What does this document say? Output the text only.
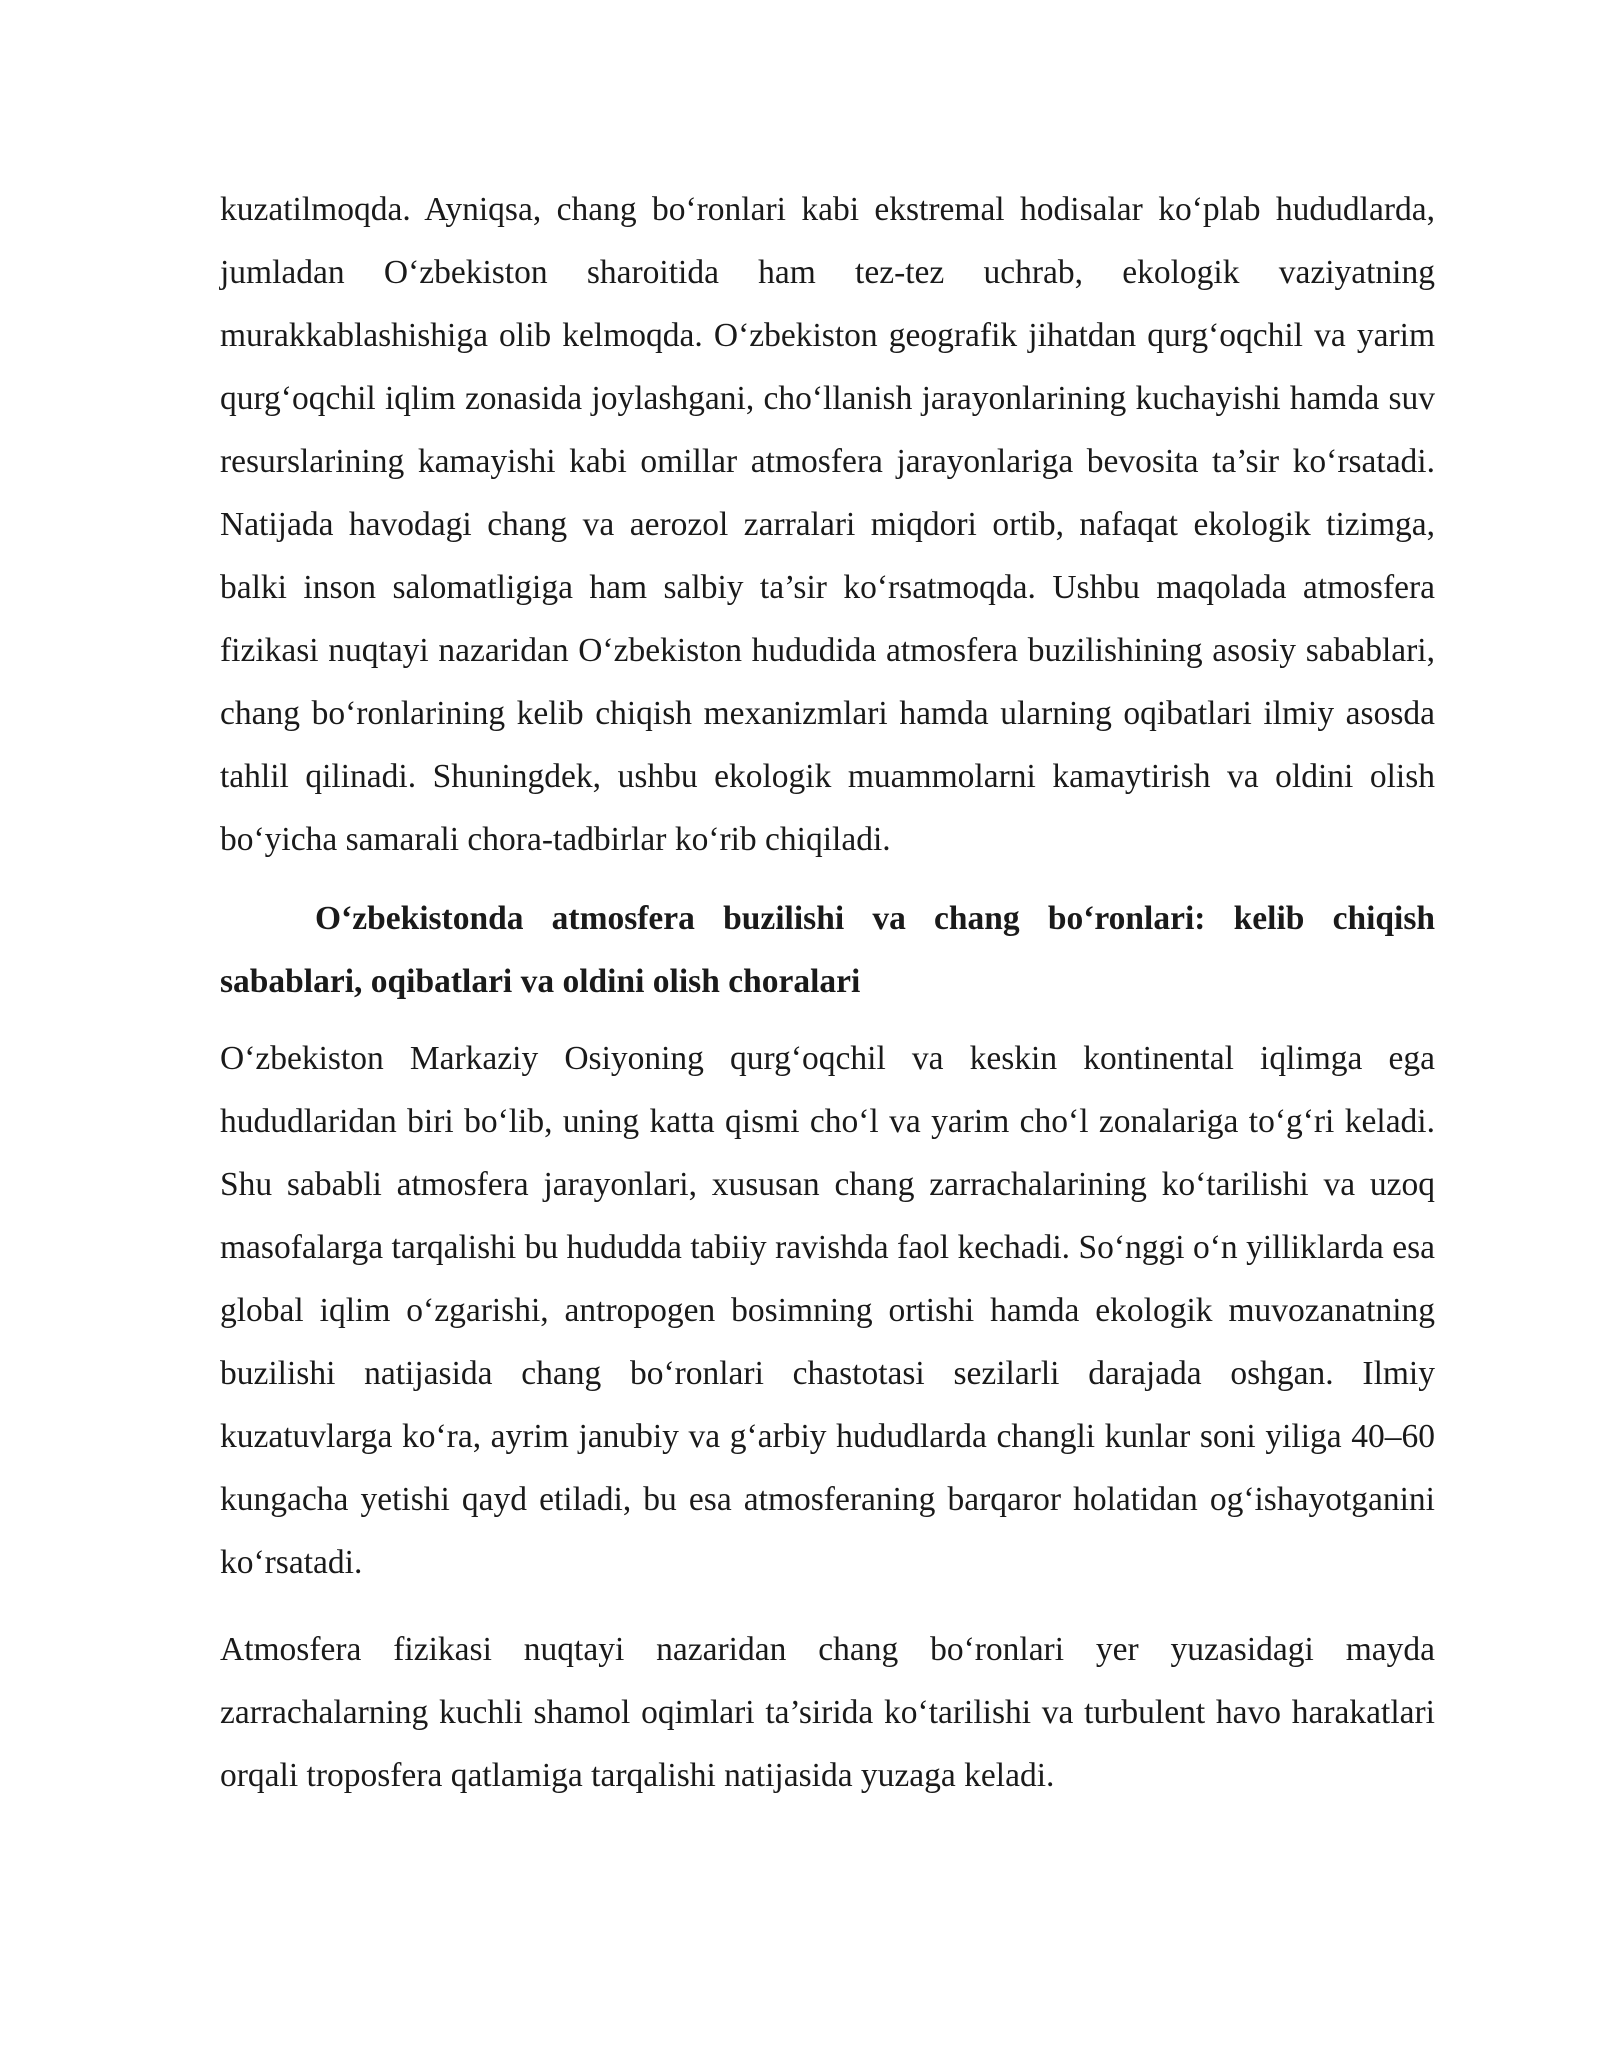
kuzatilmoqda. Ayniqsa, chang bo‘ronlari kabi ekstremal hodisalar ko‘plab hududlarda, jumladan O‘zbekiston sharoitida ham tez-tez uchrab, ekologik vaziyatning murakkablashishiga olib kelmoqda. O‘zbekiston geografik jihatdan qurg‘oqchil va yarim qurg‘oqchil iqlim zonasida joylashgani, cho‘llanish jarayonlarining kuchayishi hamda suv resurslarining kamayishi kabi omillar atmosfera jarayonlariga bevosita ta’sir ko‘rsatadi. Natijada havodagi chang va aerozol zarralari miqdori ortib, nafaqat ekologik tizimga, balki inson salomatligiga ham salbiy ta’sir ko‘rsatmoqda. Ushbu maqolada atmosfera fizikasi nuqtayi nazaridan O‘zbekiston hududida atmosfera buzilishining asosiy sabablari, chang bo‘ronlarining kelib chiqish mexanizmlari hamda ularning oqibatlari ilmiy asosda tahlil qilinadi. Shuningdek, ushbu ekologik muammolarni kamaytirish va oldini olish bo‘yicha samarali chora-tadbirlar ko‘rib chiqiladi.

O‘zbekistonda atmosfera buzilishi va chang bo‘ronlari: kelib chiqish sabablari, oqibatlari va oldini olish choralari

O‘zbekiston Markaziy Osiyoning qurg‘oqchil va keskin kontinental iqlimga ega hududlaridan biri bo‘lib, uning katta qismi cho‘l va yarim cho‘l zonalariga to‘g‘ri keladi. Shu sababli atmosfera jarayonlari, xususan chang zarrachalarining ko‘tarilishi va uzoq masofalarga tarqalishi bu hududda tabiiy ravishda faol kechadi. So‘nggi o‘n yilliklarda esa global iqlim o‘zgarishi, antropogen bosimning ortishi hamda ekologik muvozanatning buzilishi natijasida chang bo‘ronlari chastotasi sezilarli darajada oshgan. Ilmiy kuzatuvlarga ko‘ra, ayrim janubiy va g‘arbiy hududlarda changli kunlar soni yiliga 40–60 kungacha yetishi qayd etiladi, bu esa atmosferaning barqaror holatidan og‘ishayotganini ko‘rsatadi.

Atmosfera fizikasi nuqtayi nazaridan chang bo‘ronlari yer yuzasidagi mayda zarrachalarning kuchli shamol oqimlari ta’sirida ko‘tarilishi va turbulent havo harakatlari orqali troposfera qatlamiga tarqalishi natijasida yuzaga keladi.
